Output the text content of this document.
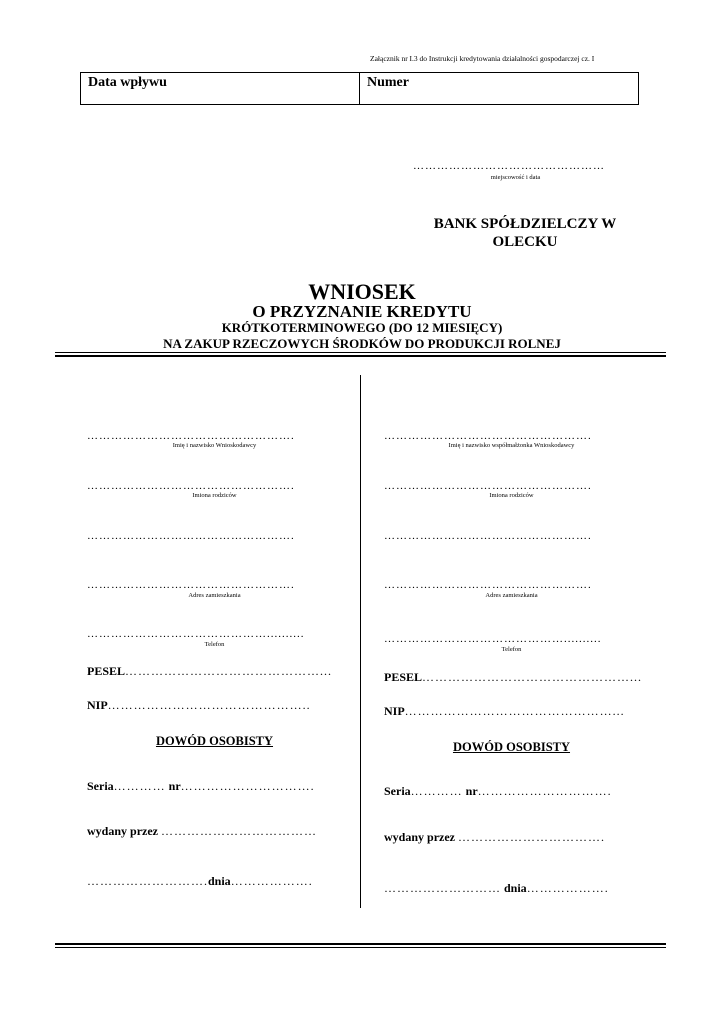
Załącznik nr I.3 do Instrukcji kredytowania działalności gospodarczej cz. I
Data wpływu	Numer
…………………………………………
miejscowość i data
BANK SPÓŁDZIELCZY W
OLECKU
WNIOSEK
O PRZYZNANIE KREDYTU
KRÓTKOTERMINOWEGO (DO 12 MIESIĘCY)
NA ZAKUP RZECZOWYCH ŚRODKÓW DO PRODUKCJI ROLNEJ
…………………………………………….
Imię i nazwisko Wnioskodawcy
…………………………………………….
Imiona rodziców
…………………………………………….
…………………………………………….
Adres zamieszkania
………………………………………..........
Telefon
PESEL………………………………………...
NIP………………………………………..
DOWÓD OSOBISTY
Seria………… nr………………………….
wydany przez ………………………………
……………………….dnia……………….
…………………………………………….
Imię i nazwisko współmałżonka Wnioskodawcy
…………………………………………….
Imiona rodziców
…………………………………………….
…………………………………………….
Adres zamieszkania
………………………………………..........
Telefon
PESEL…………………………………………...
NIP…………………………………………...
DOWÓD OSOBISTY
Seria………… nr………………………….
wydany przez …………………………….
……………………… dnia……………….
